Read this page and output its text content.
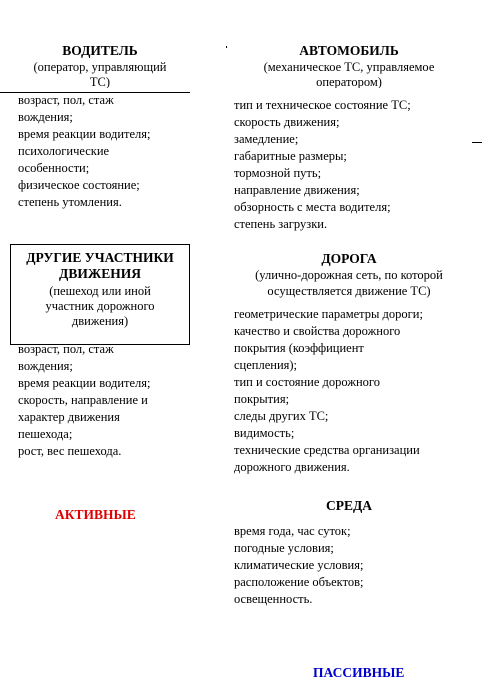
ВОДИТЕЛЬ
(оператор, управляющий
ТС)
возраст, пол, стаж
вождения;
время реакции водителя;
психологические
особенности;
физическое состояние;
степень утомления.
АВТОМОБИЛЬ
(механическое ТС, управляемое
оператором)
тип и техническое состояние ТС;
скорость движения;
замедление;
габаритные размеры;
тормозной путь;
направление движения;
обзорность с места водителя;
степень загрузки.
ДРУГИЕ УЧАСТНИКИ
ДВИЖЕНИЯ
(пешеход или иной
участник дорожного
движения)
возраст, пол, стаж
вождения;
время реакции водителя;
скорость, направление и
характер движения
пешехода;
рост, вес пешехода.
ДОРОГА
(улично-дорожная сеть, по которой
осуществляется движение ТС)
геометрические параметры дороги;
качество и свойства дорожного
покрытия (коэффициент
сцепления);
тип и состояние дорожного
покрытия;
следы других ТС;
видимость;
технические средства организации
дорожного движения.
АКТИВНЫЕ
СРЕДА
время года, час суток;
погодные условия;
климатические условия;
расположение объектов;
освещенность.
ПАССИВНЫЕ
